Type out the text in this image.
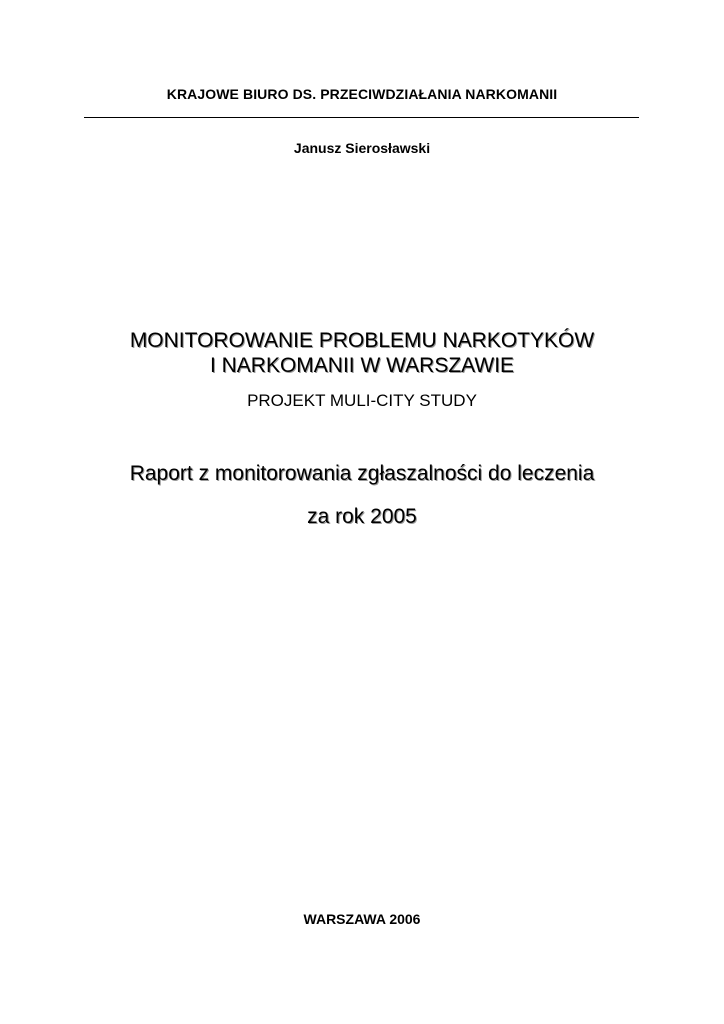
KRAJOWE BIURO DS. PRZECIWDZIAŁANIA NARKOMANII
Janusz Sierosławski
MONITOROWANIE PROBLEMU NARKOTYKÓW
I NARKOMANII W WARSZAWIE
PROJEKT MULI-CITY STUDY
Raport z monitorowania zgłaszalności do leczenia
za rok 2005
WARSZAWA 2006
